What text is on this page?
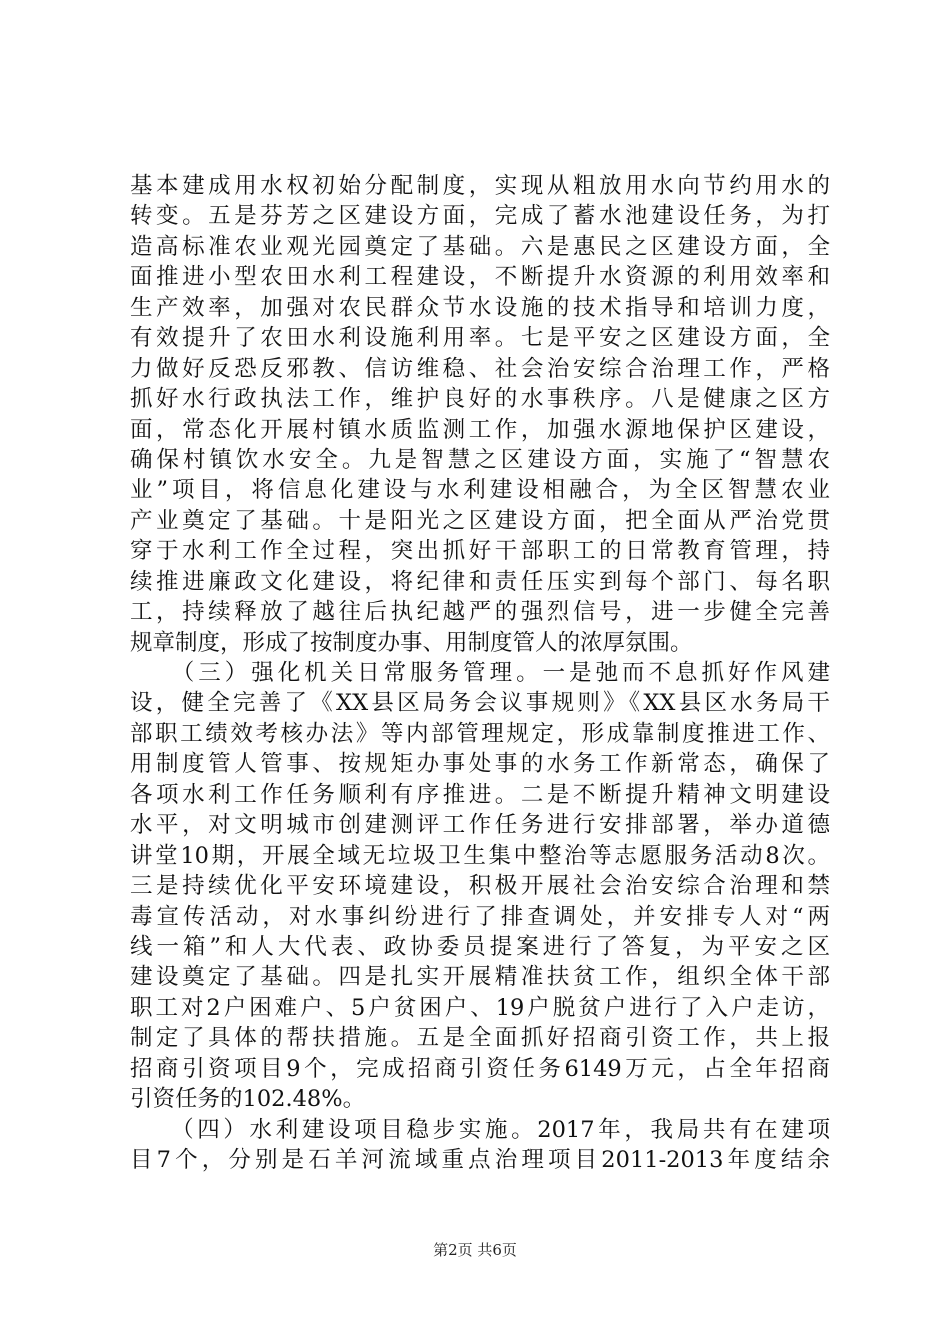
基本建成用水权初始分配制度，实现从粗放用水向节约用水的
转变。五是芬芳之区建设方面，完成了蓄水池建设任务，为打
造高标准农业观光园奠定了基础。六是惠民之区建设方面，全
面推进小型农田水利工程建设，不断提升水资源的利用效率和
生产效率，加强对农民群众节水设施的技术指导和培训力度，
有效提升了农田水利设施利用率。七是平安之区建设方面，全
力做好反恐反邪教、信访维稳、社会治安综合治理工作，严格
抓好水行政执法工作，维护良好的水事秩序。八是健康之区方
面，常态化开展村镇水质监测工作，加强水源地保护区建设，
确保村镇饮水安全。九是智慧之区建设方面，实施了“智慧农
业”项目，将信息化建设与水利建设相融合，为全区智慧农业
产业奠定了基础。十是阳光之区建设方面，把全面从严治党贯
穿于水利工作全过程，突出抓好干部职工的日常教育管理，持
续推进廉政文化建设，将纪律和责任压实到每个部门、每名职
工，持续释放了越往后执纪越严的强烈信号，进一步健全完善
规章制度，形成了按制度办事、用制度管人的浓厚氛围。
　　（三）强化机关日常服务管理。一是弛而不息抓好作风建
设，健全完善了《XX县区局务会议事规则》《XX县区水务局干
部职工绩效考核办法》等内部管理规定，形成靠制度推进工作、
用制度管人管事、按规矩办事处事的水务工作新常态，确保了
各项水利工作任务顺利有序推进。二是不断提升精神文明建设
水平，对文明城市创建测评工作任务进行安排部署，举办道德
讲堂10期，开展全域无垃圾卫生集中整治等志愿服务活动8次。
三是持续优化平安环境建设，积极开展社会治安综合治理和禁
毒宣传活动，对水事纠纷进行了排查调处，并安排专人对“两
线一箱”和人大代表、政协委员提案进行了答复，为平安之区
建设奠定了基础。四是扎实开展精准扶贫工作，组织全体干部
职工对2户困难户、5户贫困户、19户脱贫户进行了入户走访，
制定了具体的帮扶措施。五是全面抓好招商引资工作，共上报
招商引资项目9个，完成招商引资任务6149万元，占全年招商
引资任务的102.48%。
　　（四）水利建设项目稳步实施。2017年，我局共有在建项
目7个，分别是石羊河流域重点治理项目2011-2013年度结余
第2页 共6页
